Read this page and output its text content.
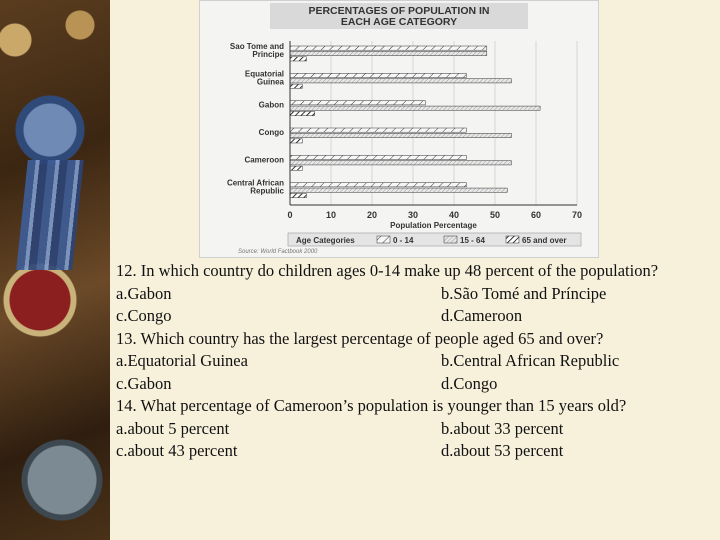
PERCENTAGES OF POPULATION IN
EACH AGE CATEGORY
Sao Tome and
Principe
Equatorial
Guinea
Gabon
Congo
Cameroon
Central African
Republic
0	10	20	30	40	50	60	70
Population Percentage
Source: World Factbook 2000
Age Categories	0 - 14	15 - 64	65 and over
12. In which country do children ages 0-14 make up 48 percent of the population?
a.Gabon	b.São Tomé and Príncipe
c.Congo	d.Cameroon
13. Which country has the largest percentage of people aged 65 and over?
a.Equatorial Guinea	b.Central African Republic
c.Gabon	d.Congo
14. What percentage of Cameroon’s population is younger than 15 years old?
a.about 5 percent	b.about 33 percent
c.about 43 percent	d.about 53 percent
